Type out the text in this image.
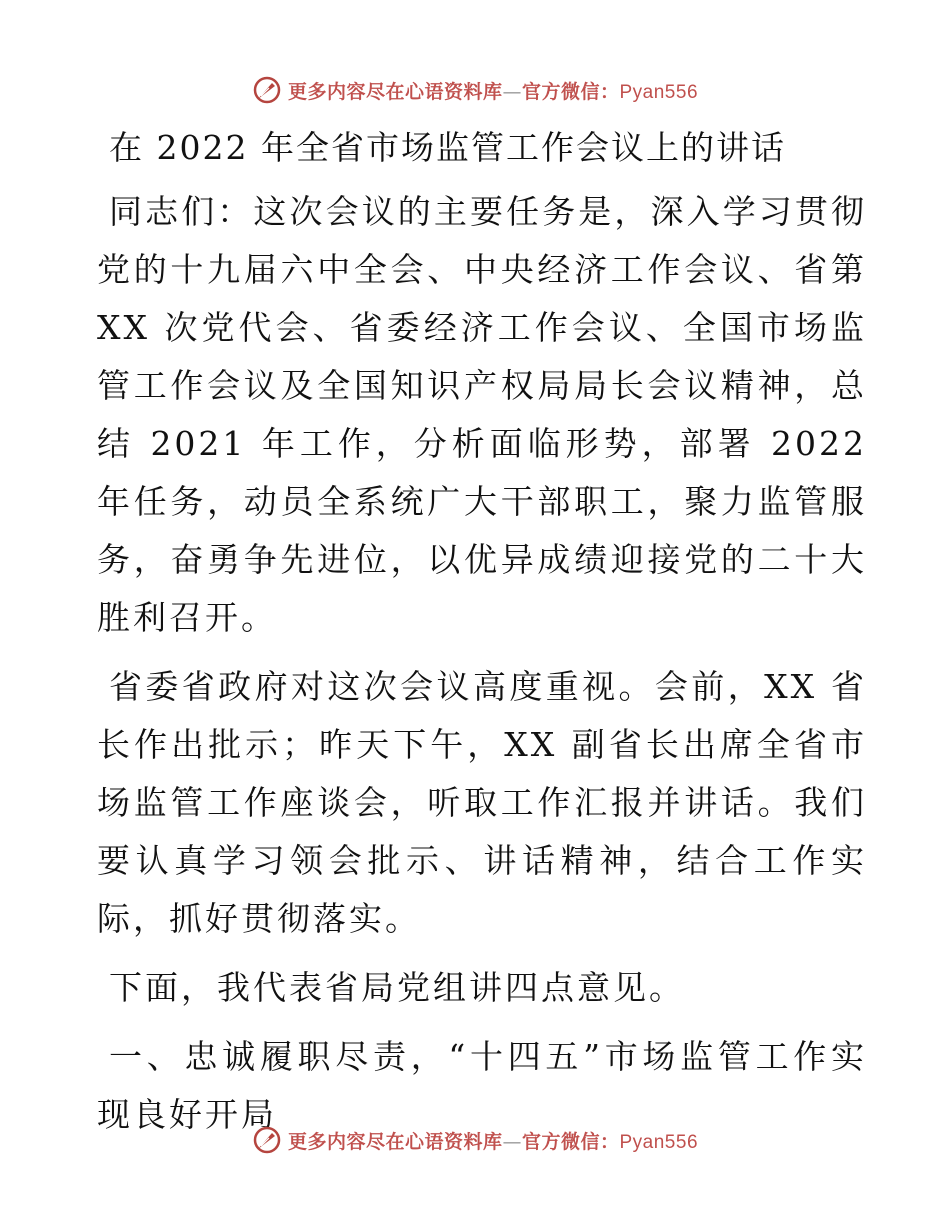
更多内容尽在心语资料库—官方微信：Pyan556
在 2022 年全省市场监管工作会议上的讲话

同志们：这次会议的主要任务是，深入学习贯彻党的十九届六中全会、中央经济工作会议、省第 XX 次党代会、省委经济工作会议、全国市场监管工作会议及全国知识产权局局长会议精神，总结 2021 年工作，分析面临形势，部署 2022 年任务，动员全系统广大干部职工，聚力监管服务，奋勇争先进位，以优异成绩迎接党的二十大胜利召开。

省委省政府对这次会议高度重视。会前，XX 省长作出批示；昨天下午，XX 副省长出席全省市场监管工作座谈会，听取工作汇报并讲话。我们要认真学习领会批示、讲话精神，结合工作实际，抓好贯彻落实。

下面，我代表省局党组讲四点意见。

一、忠诚履职尽责，“十四五”市场监管工作实现良好开局

更多内容尽在心语资料库—官方微信：Pyan556
